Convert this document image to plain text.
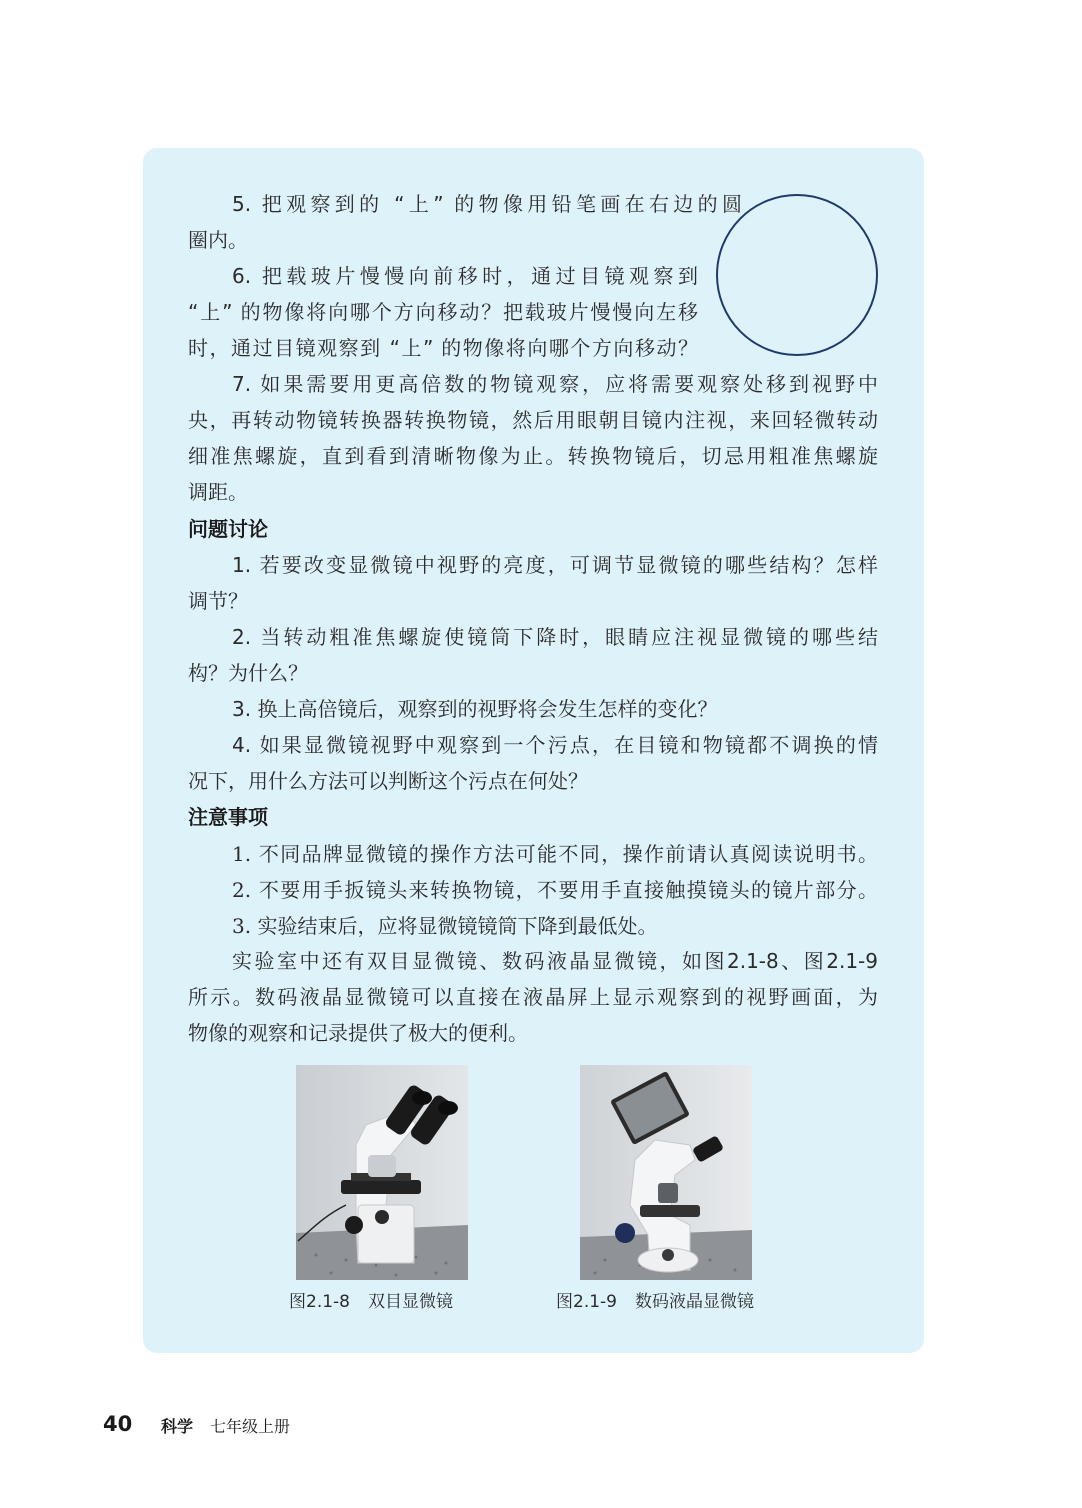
5. 把观察到的 “上” 的物像用铅笔画在右边的圆

圈内。

6. 把载玻片慢慢向前移时，通过目镜观察到

“上” 的物像将向哪个方向移动？把载玻片慢慢向左移

时，通过目镜观察到 “上” 的物像将向哪个方向移动？

7. 如果需要用更高倍数的物镜观察，应将需要观察处移到视野中

央，再转动物镜转换器转换物镜，然后用眼朝目镜内注视，来回轻微转动

细准焦螺旋，直到看到清晰物像为止。转换物镜后，切忌用粗准焦螺旋

调距。

问题讨论

1. 若要改变显微镜中视野的亮度，可调节显微镜的哪些结构？怎样

调节？

2. 当转动粗准焦螺旋使镜筒下降时，眼睛应注视显微镜的哪些结

构？为什么？

3. 换上高倍镜后，观察到的视野将会发生怎样的变化？

4. 如果显微镜视野中观察到一个污点，在目镜和物镜都不调换的情

况下，用什么方法可以判断这个污点在何处？

注意事项

1. 不同品牌显微镜的操作方法可能不同，操作前请认真阅读说明书。

2. 不要用手扳镜头来转换物镜，不要用手直接触摸镜头的镜片部分。

3. 实验结束后，应将显微镜镜筒下降到最低处。

实验室中还有双目显微镜、数码液晶显微镜，如图2.1-8、图2.1-9

所示。数码液晶显微镜可以直接在液晶屏上显示观察到的视野画面，为

物像的观察和记录提供了极大的便利。

图2.1-8 双目显微镜	图2.1-9 数码液晶显微镜
40 科学 七年级上册
